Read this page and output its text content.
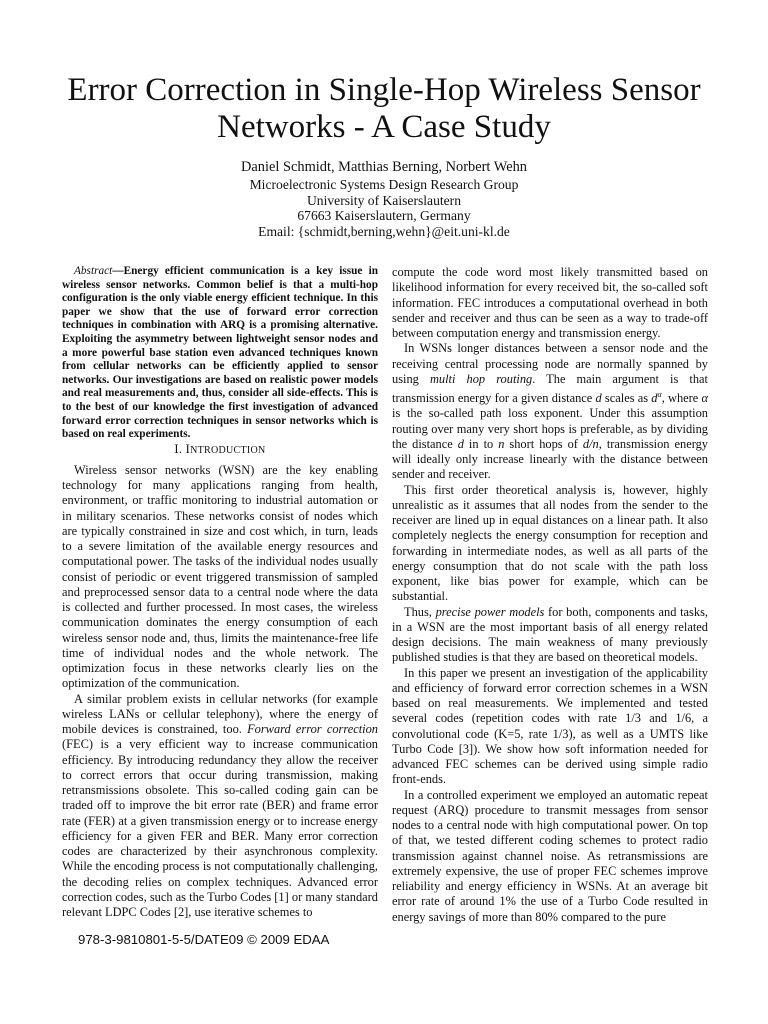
Error Correction in Single-Hop Wireless Sensor
Networks - A Case Study
Daniel Schmidt, Matthias Berning, Norbert Wehn
Microelectronic Systems Design Research Group
University of Kaiserslautern
67663 Kaiserslautern, Germany
Email: {schmidt,berning,wehn}@eit.uni-kl.de

Abstract—Energy efficient communication is a key issue in wireless sensor networks. Common belief is that a multi-hop configuration is the only viable energy efficient technique. In this paper we show that the use of forward error correction techniques in combination with ARQ is a promising alternative. Exploiting the asymmetry between lightweight sensor nodes and a more powerful base station even advanced techniques known from cellular networks can be efficiently applied to sensor networks. Our investigations are based on realistic power models and real measurements and, thus, consider all side-effects. This is to the best of our knowledge the first investigation of advanced forward error correction techniques in sensor networks which is based on real experiments.

I. INTRODUCTION

Wireless sensor networks (WSN) are the key enabling technology for many applications ranging from health, environment, or traffic monitoring to industrial automation or in military scenarios. These networks consist of nodes which are typically constrained in size and cost which, in turn, leads to a severe limitation of the available energy resources and computational power. The tasks of the individual nodes usually consist of periodic or event triggered transmission of sampled and preprocessed sensor data to a central node where the data is collected and further processed. In most cases, the wireless communication dominates the energy consumption of each wireless sensor node and, thus, limits the maintenance-free life time of individual nodes and the whole network. The optimization focus in these networks clearly lies on the optimization of the communication.

A similar problem exists in cellular networks (for example wireless LANs or cellular telephony), where the energy of mobile devices is constrained, too. Forward error correction (FEC) is a very efficient way to increase communication efficiency. By introducing redundancy they allow the receiver to correct errors that occur during transmission, making retransmissions obsolete. This so-called coding gain can be traded off to improve the bit error rate (BER) and frame error rate (FER) at a given transmission energy or to increase energy efficiency for a given FER and BER. Many error correction codes are characterized by their asynchronous complexity. While the encoding process is not computationally challenging, the decoding relies on complex techniques. Advanced error correction codes, such as the Turbo Codes [1] or many standard relevant LDPC Codes [2], use iterative schemes to

compute the code word most likely transmitted based on likelihood information for every received bit, the so-called soft information. FEC introduces a computational overhead in both sender and receiver and thus can be seen as a way to trade-off between computation energy and transmission energy.

In WSNs longer distances between a sensor node and the receiving central processing node are normally spanned by using multi hop routing. The main argument is that transmission energy for a given distance d scales as $d^\alpha$, where α is the so-called path loss exponent. Under this assumption routing over many very short hops is preferable, as by dividing the distance d in to n short hops of d/n, transmission energy will ideally only increase linearly with the distance between sender and receiver.

This first order theoretical analysis is, however, highly unrealistic as it assumes that all nodes from the sender to the receiver are lined up in equal distances on a linear path. It also completely neglects the energy consumption for reception and forwarding in intermediate nodes, as well as all parts of the energy consumption that do not scale with the path loss exponent, like bias power for example, which can be substantial.

Thus, precise power models for both, components and tasks, in a WSN are the most important basis of all energy related design decisions. The main weakness of many previously published studies is that they are based on theoretical models.

In this paper we present an investigation of the applicability and efficiency of forward error correction schemes in a WSN based on real measurements. We implemented and tested several codes (repetition codes with rate 1/3 and 1/6, a convolutional code (K=5, rate 1/3), as well as a UMTS like Turbo Code [3]). We show how soft information needed for advanced FEC schemes can be derived using simple radio front-ends.

In a controlled experiment we employed an automatic repeat request (ARQ) procedure to transmit messages from sensor nodes to a central node with high computational power. On top of that, we tested different coding schemes to protect radio transmission against channel noise. As retransmissions are extremely expensive, the use of proper FEC schemes improve reliability and energy efficiency in WSNs. At an average bit error rate of around 1% the use of a Turbo Code resulted in energy savings of more than 80% compared to the pure

978-3-9810801-5-5/DATE09 © 2009 EDAA
